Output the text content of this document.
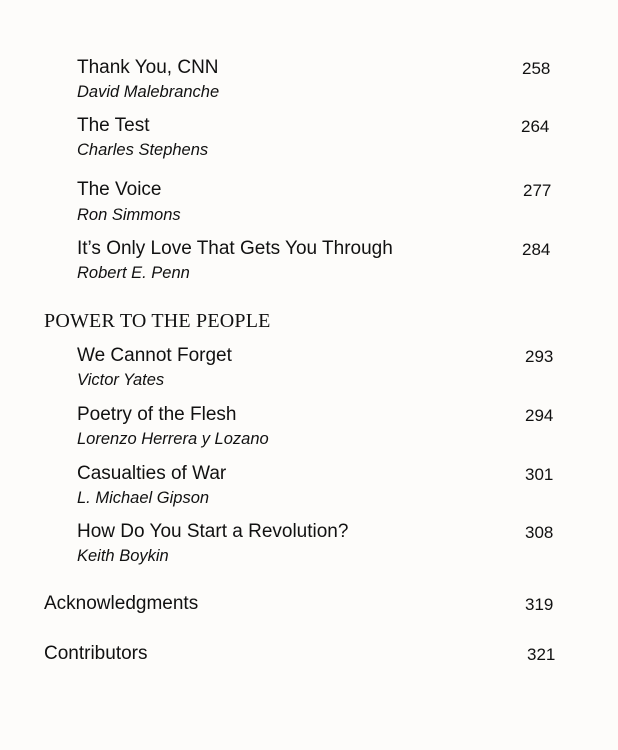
Thank You, CNN
David Malebranche
258
The Test
Charles Stephens
264
The Voice
Ron Simmons
277
It’s Only Love That Gets You Through
Robert E. Penn
284
POWER TO THE PEOPLE
We Cannot Forget
Victor Yates
293
Poetry of the Flesh
Lorenzo Herrera y Lozano
294
Casualties of War
L. Michael Gipson
301
How Do You Start a Revolution?
Keith Boykin
308
Acknowledgments	319
Contributors	321
